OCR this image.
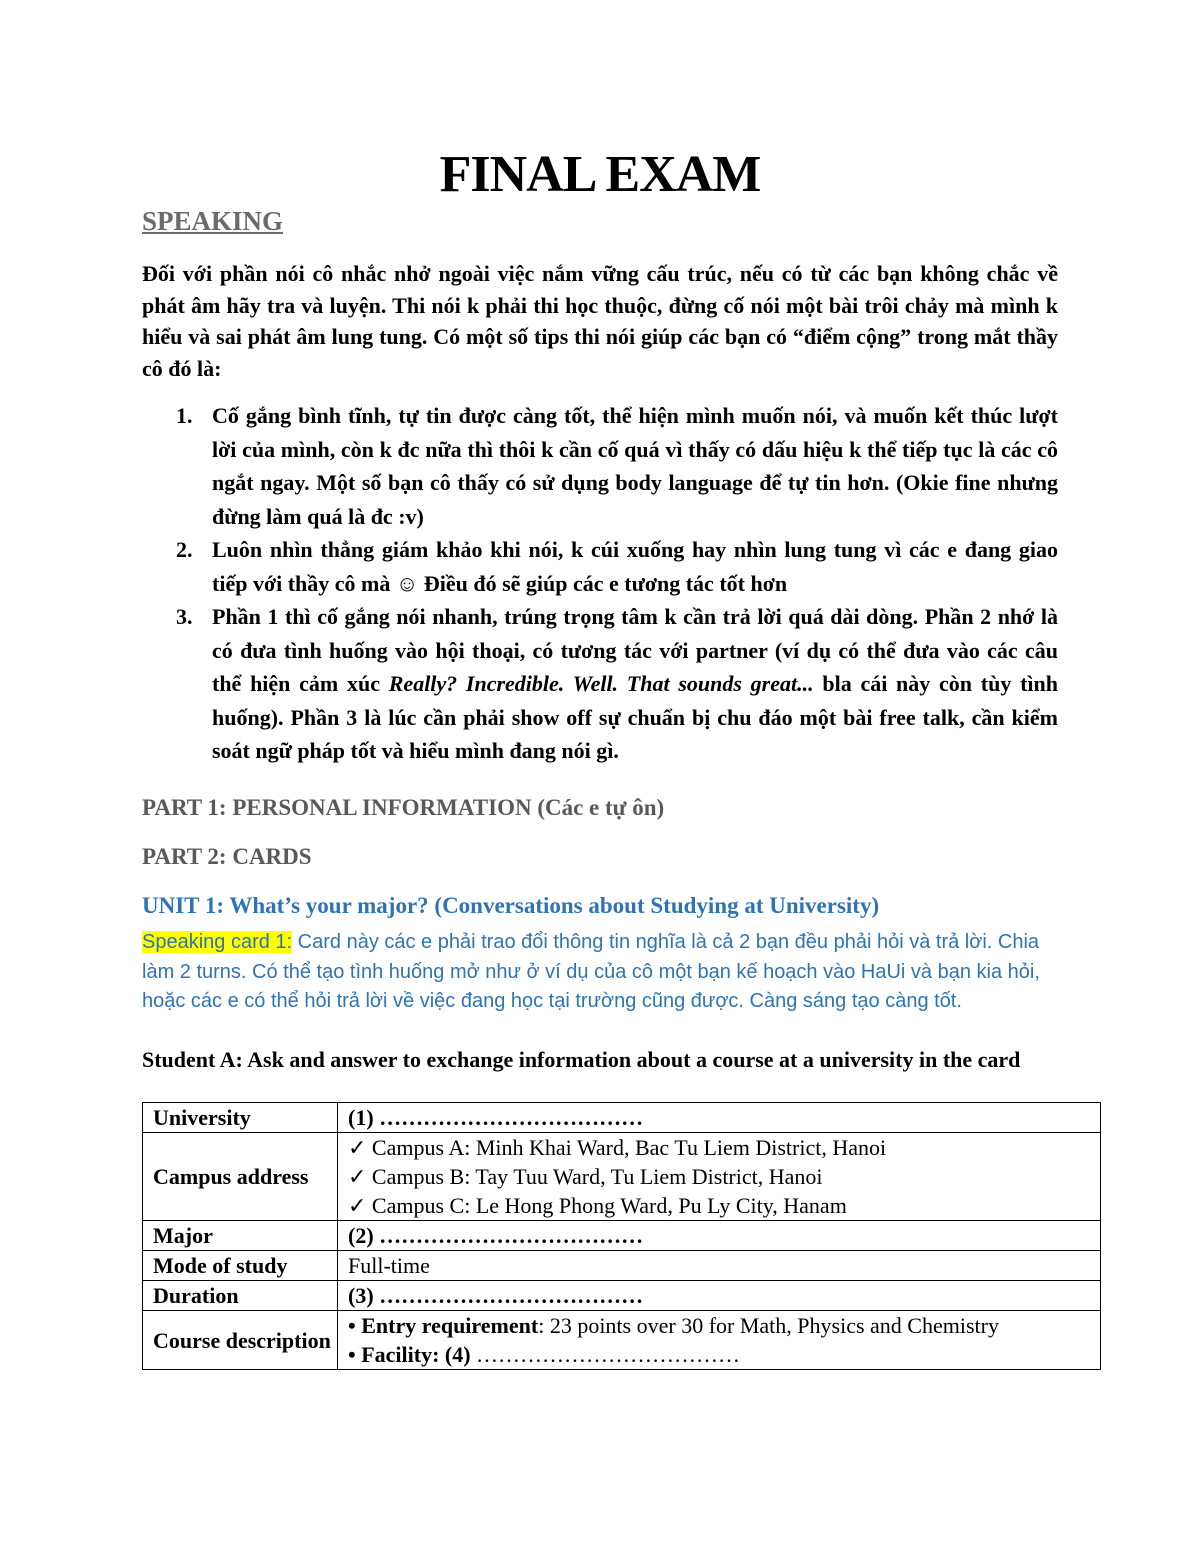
FINAL EXAM
SPEAKING

Đối với phần nói cô nhắc nhở ngoài việc nắm vững cấu trúc, nếu có từ các bạn không chắc về phát âm hãy tra và luyện. Thi nói k phải thi học thuộc, đừng cố nói một bài trôi chảy mà mình k hiểu và sai phát âm lung tung. Có một số tips thi nói giúp các bạn có “điểm cộng” trong mắt thầy cô đó là:

1. Cố gắng bình tĩnh, tự tin được càng tốt, thể hiện mình muốn nói, và muốn kết thúc lượt lời của mình, còn k đc nữa thì thôi k cần cố quá vì thấy có dấu hiệu k thể tiếp tục là các cô ngắt ngay. Một số bạn cô thấy có sử dụng body language để tự tin hơn. (Okie fine nhưng đừng làm quá là đc :v)
2. Luôn nhìn thẳng giám khảo khi nói, k cúi xuống hay nhìn lung tung vì các e đang giao tiếp với thầy cô mà ☺ Điều đó sẽ giúp các e tương tác tốt hơn
3. Phần 1 thì cố gắng nói nhanh, trúng trọng tâm k cần trả lời quá dài dòng. Phần 2 nhớ là có đưa tình huống vào hội thoại, có tương tác với partner (ví dụ có thể đưa vào các câu thể hiện cảm xúc Really? Incredible. Well. That sounds great... bla cái này còn tùy tình huống). Phần 3 là lúc cần phải show off sự chuẩn bị chu đáo một bài free talk, cần kiểm soát ngữ pháp tốt và hiểu mình đang nói gì.

PART 1: PERSONAL INFORMATION (Các e tự ôn)

PART 2: CARDS

UNIT 1: What’s your major? (Conversations about Studying at University)

Speaking card 1: Card này các e phải trao đổi thông tin nghĩa là cả 2 bạn đều phải hỏi và trả lời. Chia làm 2 turns. Có thể tạo tình huống mở như ở ví dụ của cô một bạn kế hoạch vào HaUi và bạn kia hỏi, hoặc các e có thể hỏi trả lời về việc đang học tại trường cũng được. Càng sáng tạo càng tốt.

Student A: Ask and answer to exchange information about a course at a university in the card

University	(1) ………………………………
Campus address	✓ Campus A: Minh Khai Ward, Bac Tu Liem District, Hanoi
✓ Campus B: Tay Tuu Ward, Tu Liem District, Hanoi
✓ Campus C: Le Hong Phong Ward, Pu Ly City, Hanam

Major	(2) ………………………………
Mode of study	Full-time
Duration	(3) ………………………………
Course description	• Entry requirement: 23 points over 30 for Math, Physics and Chemistry
• Facility: (4) ………………………………
